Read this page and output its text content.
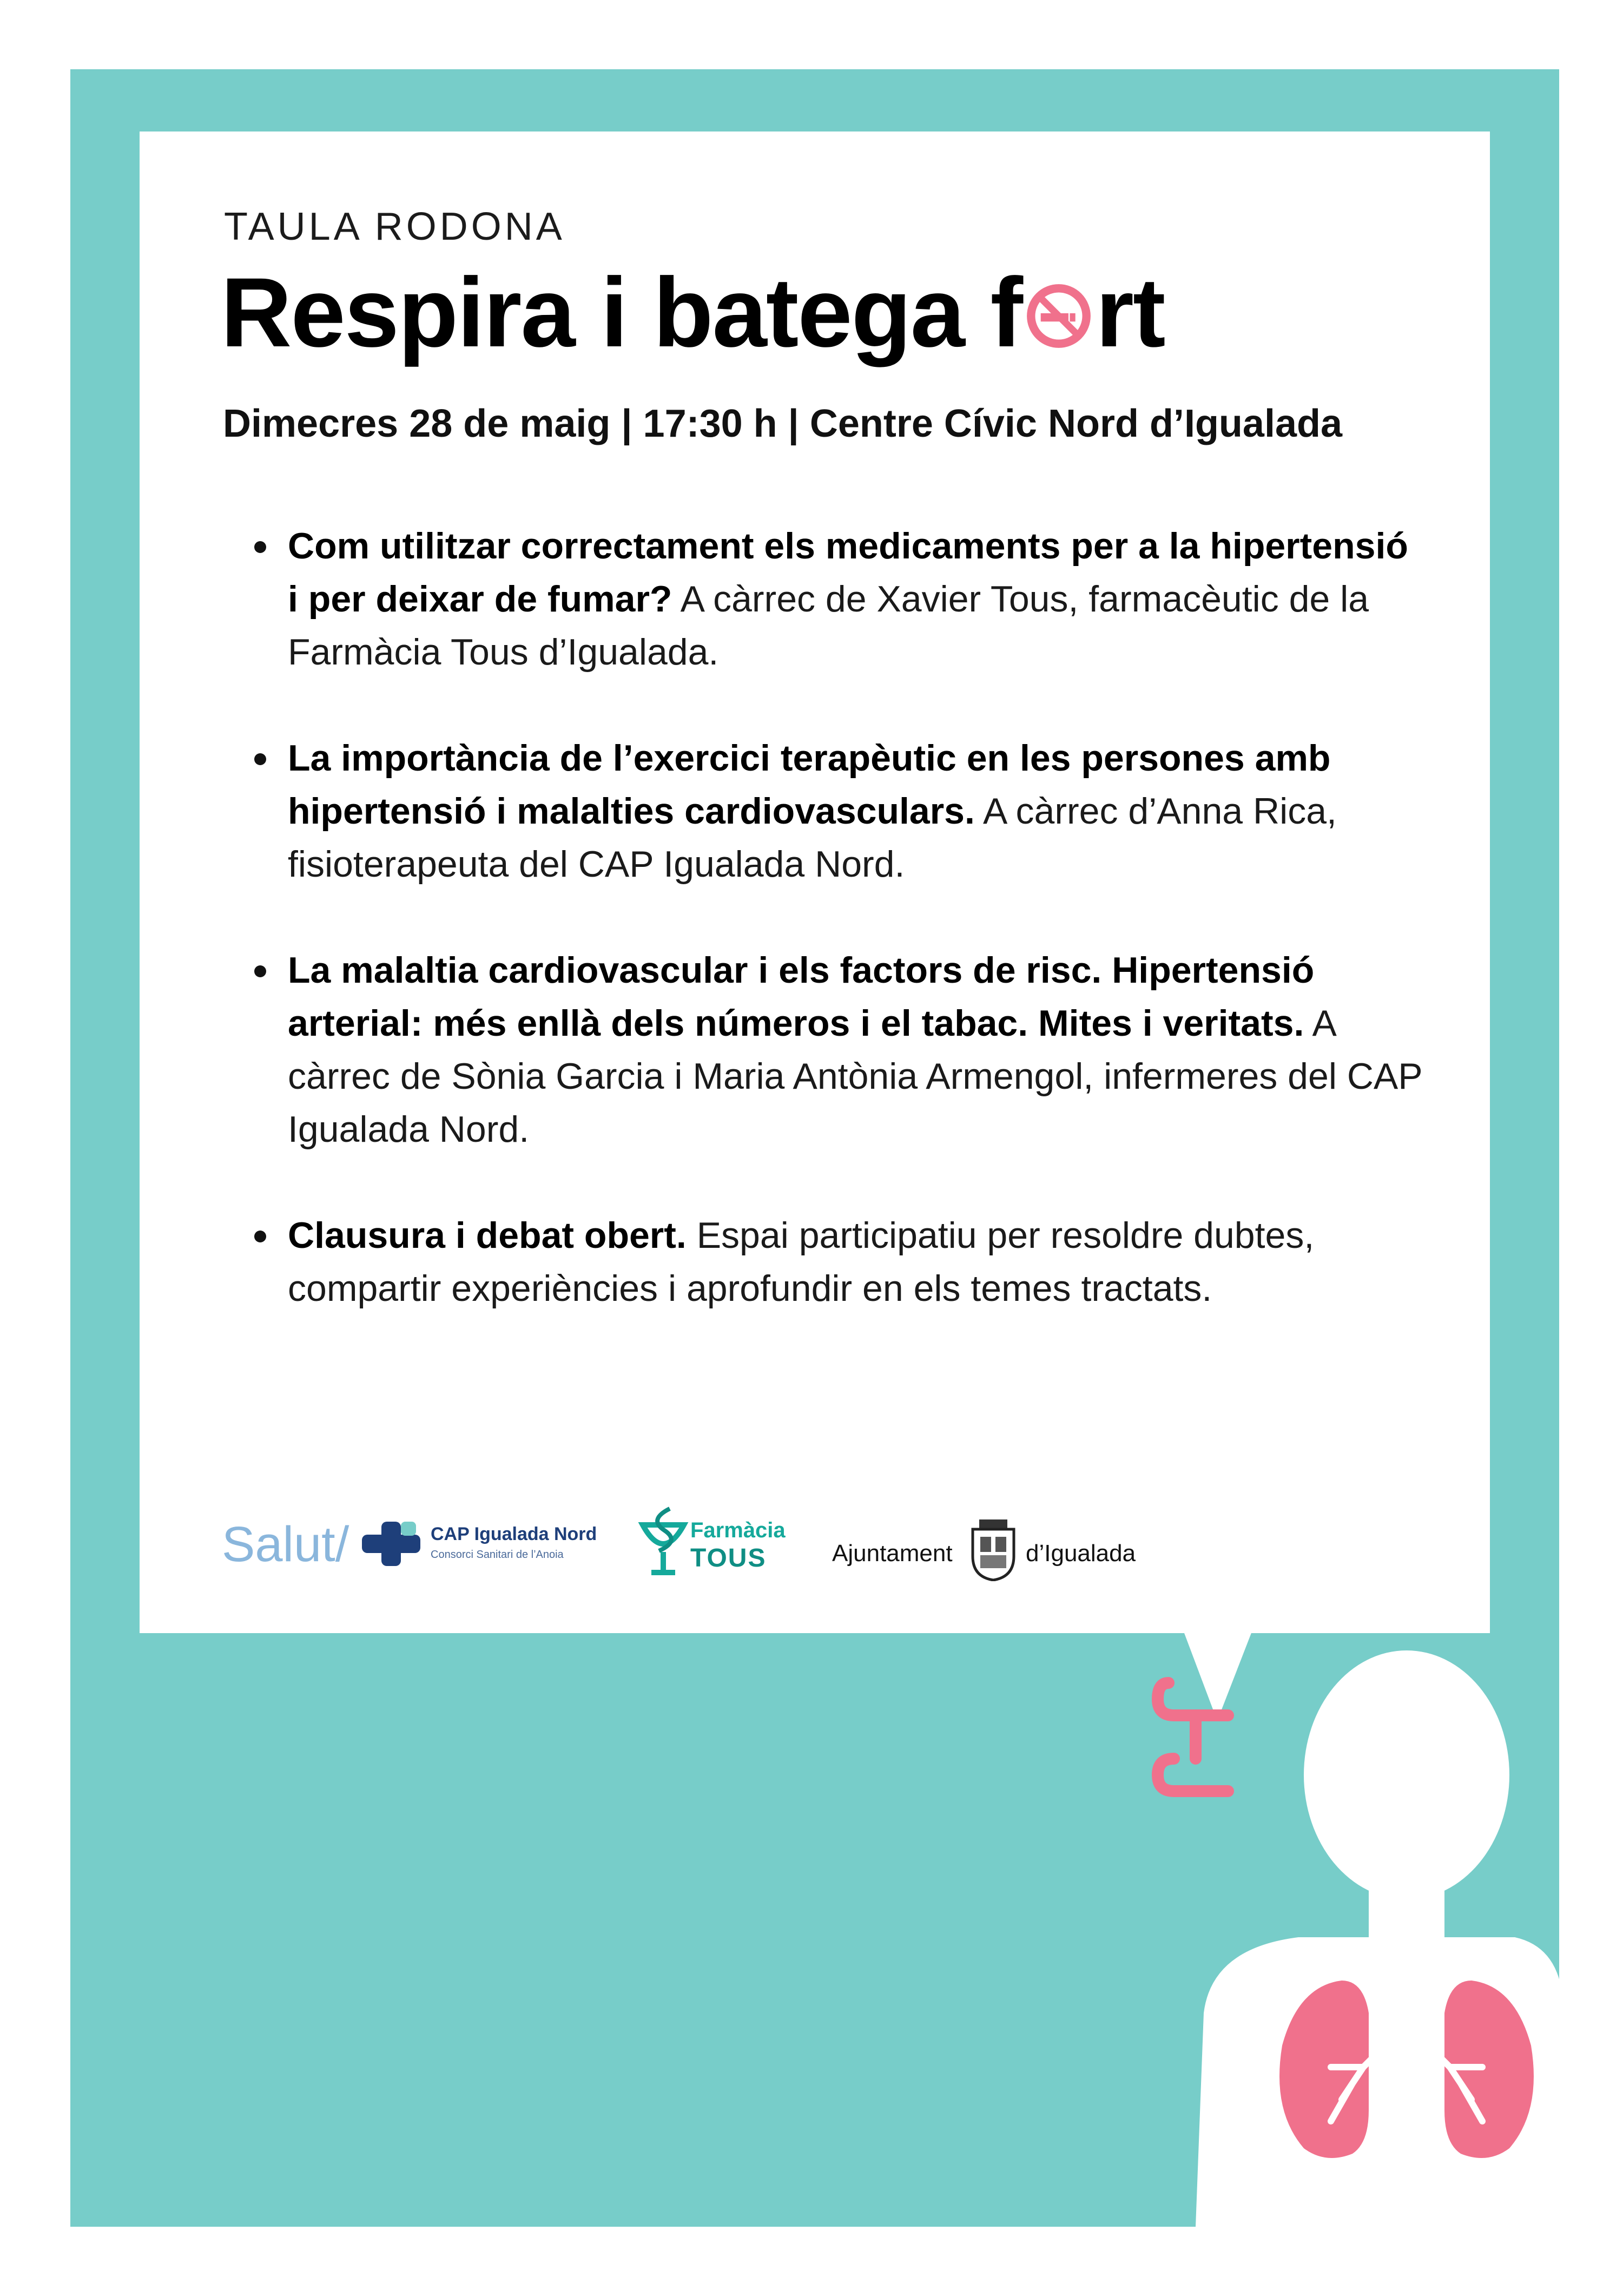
TAULA RODONA
Respira i batega f rt
Dimecres 28 de maig | 17:30 h | Centre Cívic Nord d’Igualada
Com utilitzar correctament els medicaments per a la hipertensió i per deixar de fumar? A càrrec de Xavier Tous, farmacèutic de la Farmàcia Tous d’Igualada.
La importància de l’exercici terapèutic en les persones amb hipertensió i malalties cardiovasculars. A càrrec d’Anna Rica, fisioterapeuta del CAP Igualada Nord.
La malaltia cardiovascular i els factors de risc. Hipertensió arterial: més enllà dels números i el tabac. Mites i veritats. A càrrec de Sònia Garcia i Maria Antònia Armengol, infermeres del CAP Igualada Nord.
Clausura i debat obert. Espai participatiu per resoldre dubtes, compartir experiències i aprofundir en els temes tractats.
Salut/	CAP Igualada Nord
Consorci Sanitari de l’Anoia
Farmàcia
TOUS	Ajuntament	d’Igualada
